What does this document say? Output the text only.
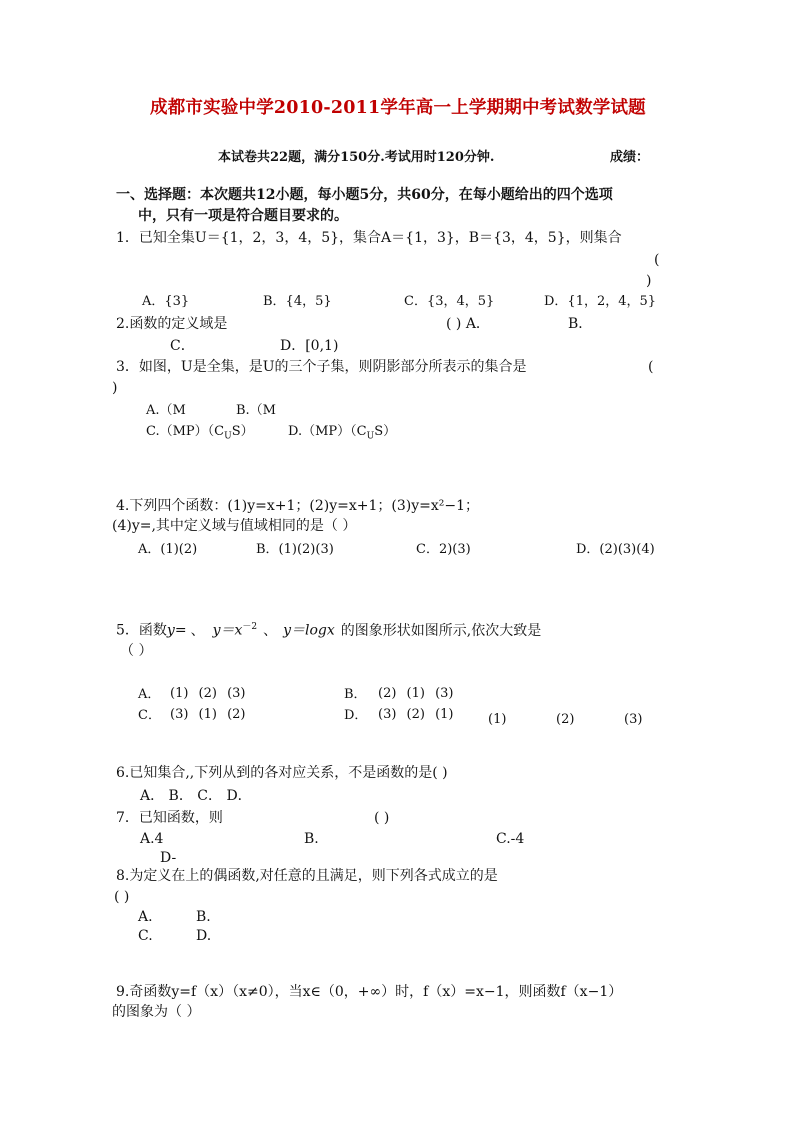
成都市实验中学2010-2011学年高一上学期期中考试数学试题
本试卷共22题，满分150分.考试用时120分钟.	成绩：
一、选择题：本次题共12小题，每小题5分，共60分，在每小题给出的四个选项
中，只有一项是符合题目要求的。
1．已知全集U＝{1，2，3，4，5}，集合A＝{1，3}，B＝{3，4，5}，则集合
(
)
A．{3}	B．{4，5}	C．{3，4，5}	D．{1，2，4，5}
2.函数的定义域是	( ) A．	B．
C．	D．[0,1)
3．如图，U是全集，是U的三个子集，则阴影部分所表示的集合是	(
)
A.（M	B.（M
$C.(MP)(C_US)$	$D.(MP)(C_US)$
4.下列四个函数：(1)y=x+1；(2)y=x+1；(3)y=x²−1；
(4)y=,其中定义域与值域相同的是（ ）
A．(1)(2)	B．(1)(2)(3)	C．2)(3)	D．(2)(3)(4)
5．函数y= 、 $y=x^{-2}$ 、 y＝logx 的图象形状如图所示,依次大致是
（ ）
A． (1) (2) (3)	B． (2) (1) (3)
C． (3) (1) (2)	D． (3) (2) (1)	(1)	(2)	(3)
6.已知集合,,下列从到的各对应关系，不是函数的是( )
A． B． C． D．
7．已知函数，则	( )
A.4	B.	C.-4
D-
8.为定义在上的偶函数,对任意的且满足，则下列各式成立的是
( )
A.	B.
C.	D.
9.奇函数y=f（x）（x≠0），当x∈（0，+∞）时，f（x）=x−1，则函数f（x−1）
的图象为（ ）
